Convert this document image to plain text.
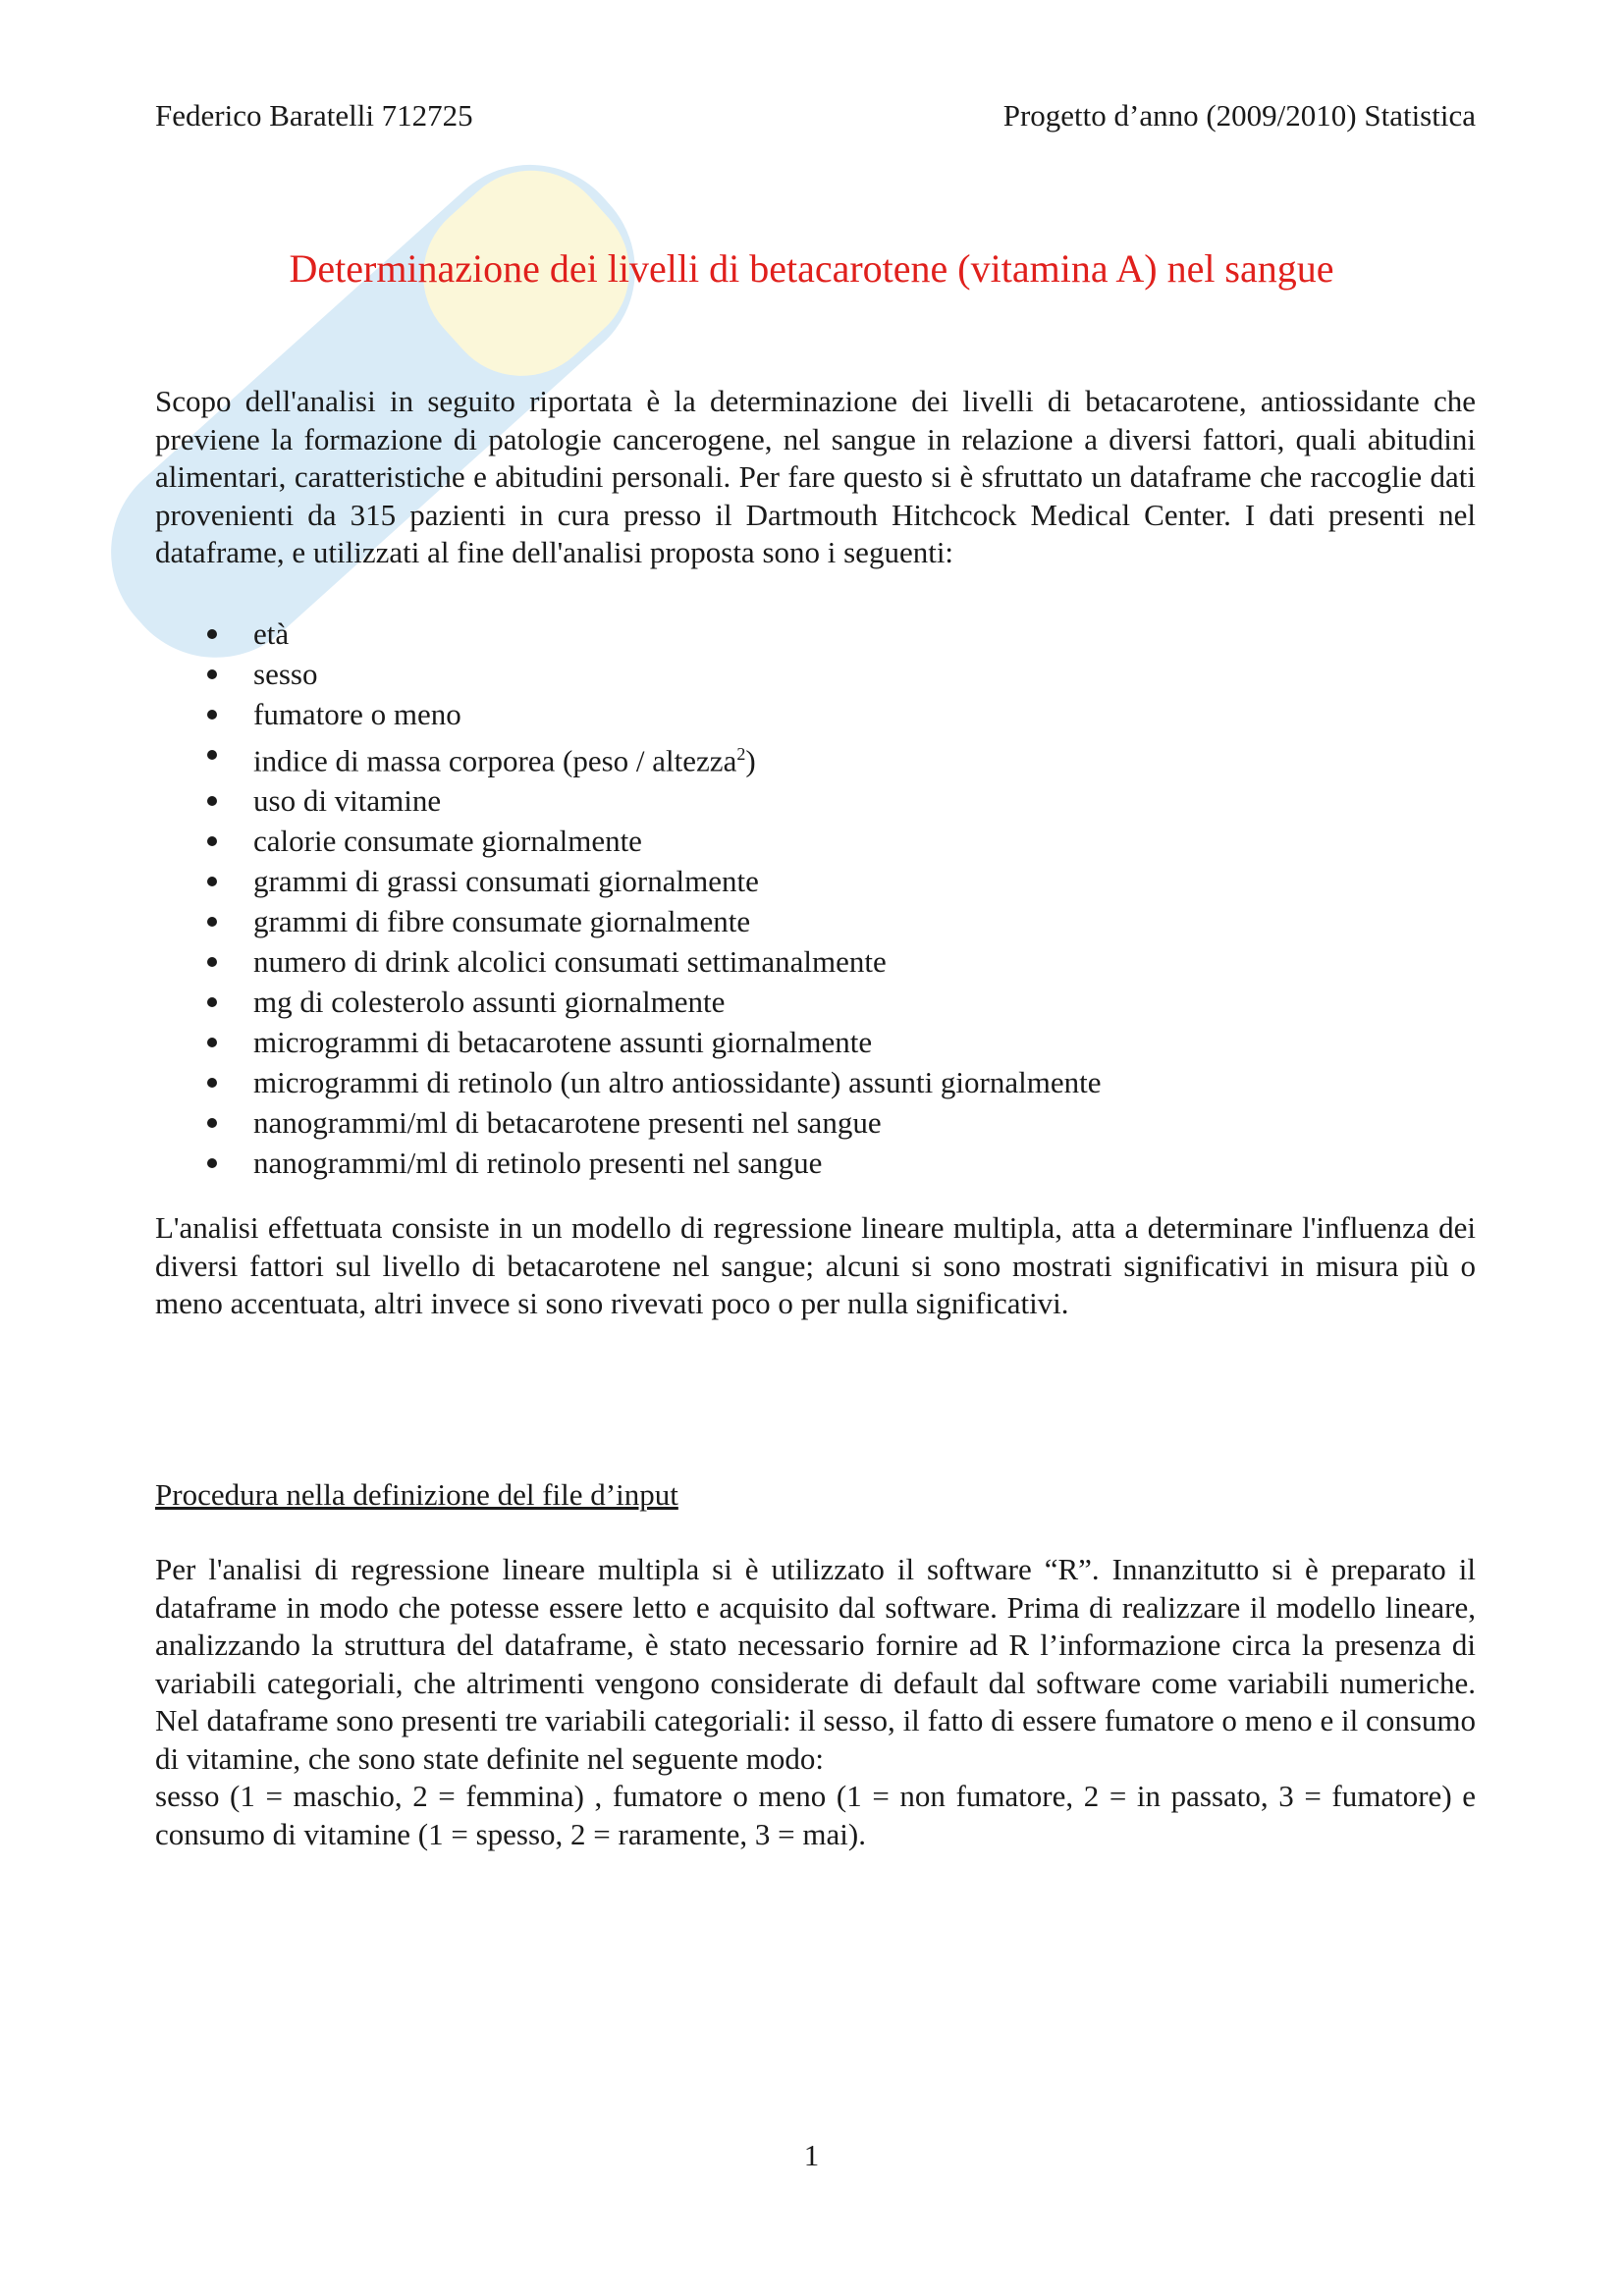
Federico Baratelli 712725	Progetto d’anno (2009/2010) Statistica
Determinazione dei livelli di betacarotene (vitamina A) nel sangue

Scopo dell'analisi in seguito riportata è la determinazione dei livelli di betacarotene, antiossidante che previene la formazione di patologie cancerogene, nel sangue in relazione a diversi fattori, quali abitudini alimentari, caratteristiche e abitudini personali. Per fare questo si è sfruttato un dataframe che raccoglie dati provenienti da 315 pazienti in cura presso il Dartmouth Hitchcock Medical Center. I dati presenti nel dataframe, e utilizzati al fine dell'analisi proposta sono i seguenti:

età
sesso
fumatore o meno
indice di massa corporea (peso / altezza$^2$)
uso di vitamine
calorie consumate giornalmente
grammi di grassi consumati giornalmente
grammi di fibre consumate giornalmente
numero di drink alcolici consumati settimanalmente
mg di colesterolo assunti giornalmente
microgrammi di betacarotene assunti giornalmente
microgrammi di retinolo (un altro antiossidante) assunti giornalmente
nanogrammi/ml di betacarotene presenti nel sangue
nanogrammi/ml di retinolo presenti nel sangue

L'analisi effettuata consiste in un modello di regressione lineare multipla, atta a determinare l'influenza dei diversi fattori sul livello di betacarotene nel sangue; alcuni si sono mostrati significativi in misura più o meno accentuata, altri invece si sono rivevati poco o per nulla significativi.

Procedura nella definizione del file d’input

Per l'analisi di regressione lineare multipla si è utilizzato il software “R”. Innanzitutto si è preparato il dataframe in modo che potesse essere letto e acquisito dal software. Prima di realizzare il modello lineare, analizzando la struttura del dataframe, è stato necessario fornire ad R l’informazione circa la presenza di variabili categoriali, che altrimenti vengono considerate di default dal software come variabili numeriche. Nel dataframe sono presenti tre variabili categoriali: il sesso, il fatto di essere fumatore o meno e il consumo di vitamine, che sono state definite nel seguente modo:

sesso (1 = maschio, 2 = femmina) , fumatore o meno (1 = non fumatore, 2 = in passato, 3 = fumatore) e consumo di vitamine (1 = spesso, 2 = raramente, 3 = mai).

1
